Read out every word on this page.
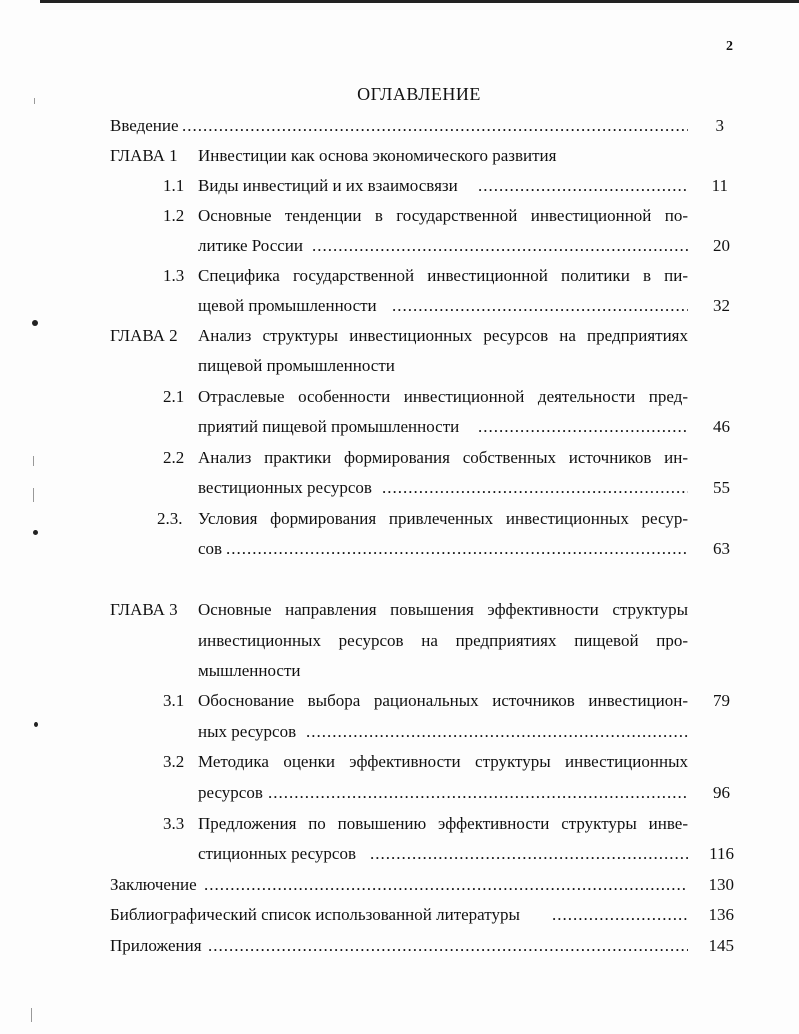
2
ОГЛАВЛЕНИЕ
Введение .....	3
ГЛАВА 1 Инвестиции как основа экономического развития
1.1 Виды инвестиций и их взаимосвязи .....	11
1.2 Основные тенденции в государственной инвестиционной по-
литике России .....	20
1.3 Специфика государственной инвестиционной политики в пи-
щевой промышленности .....	32
ГЛАВА 2 Анализ структуры инвестиционных ресурсов на предприятиях
пищевой промышленности
2.1 Отраслевые особенности инвестиционной деятельности пред-
приятий пищевой промышленности .....	46
2.2 Анализ практики формирования собственных источников ин-
вестиционных ресурсов .....	55
2.3. Условия формирования привлеченных инвестиционных ресур-
сов .....	63
ГЛАВА 3 Основные направления повышения эффективности структуры
инвестиционных ресурсов на предприятиях пищевой про-
мышленности
3.1 Обоснование выбора рациональных источников инвестицион-	79
ных ресурсов
.....
3.2 Методика оценки эффективности структуры инвестиционных
ресурсов .....	96
3.3 Предложения по повышению эффективности структуры инве-
стиционных ресурсов .....	116
Заключение .....	130
Библиографический список использованной литературы .....	136
Приложения .....	145
